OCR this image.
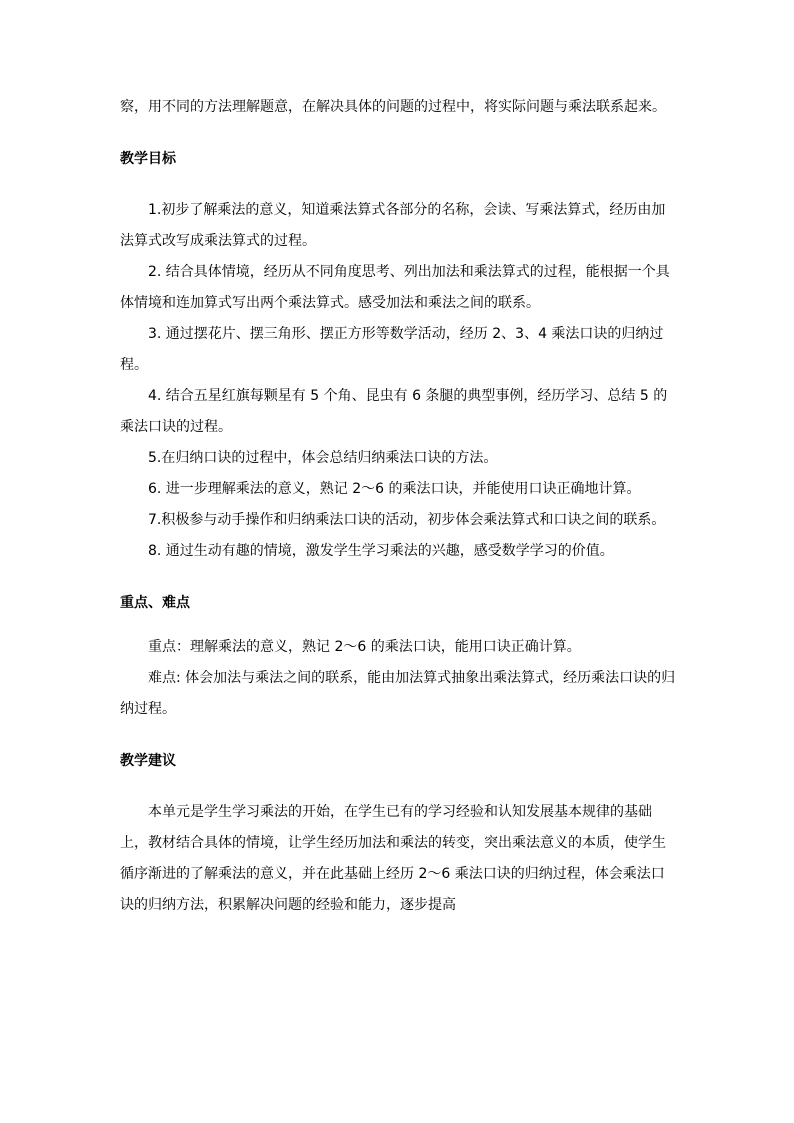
察，用不同的方法理解题意，在解决具体的问题的过程中，将实际问题与乘法联系起来。

教学目标

1.初步了解乘法的意义，知道乘法算式各部分的名称，会读、写乘法算式，经历由加法算式改写成乘法算式的过程。

2. 结合具体情境，经历从不同角度思考、列出加法和乘法算式的过程，能根据一个具体情境和连加算式写出两个乘法算式。感受加法和乘法之间的联系。

3. 通过摆花片、摆三角形、摆正方形等数学活动，经历 2、3、4 乘法口诀的归纳过程。

4. 结合五星红旗每颗星有 5 个角、昆虫有 6 条腿的典型事例，经历学习、总结 5 的乘法口诀的过程。

5.在归纳口诀的过程中，体会总结归纳乘法口诀的方法。

6. 进一步理解乘法的意义，熟记 2～6 的乘法口诀，并能使用口诀正确地计算。

7.积极参与动手操作和归纳乘法口诀的活动，初步体会乘法算式和口诀之间的联系。

8. 通过生动有趣的情境，激发学生学习乘法的兴趣，感受数学学习的价值。

重点、难点

重点：理解乘法的意义，熟记 2～6 的乘法口诀，能用口诀正确计算。

难点: 体会加法与乘法之间的联系，能由加法算式抽象出乘法算式，经历乘法口诀的归纳过程。

教学建议

本单元是学生学习乘法的开始，在学生已有的学习经验和认知发展基本规律的基础上，教材结合具体的情境，让学生经历加法和乘法的转变，突出乘法意义的本质，使学生循序渐进的了解乘法的意义，并在此基础上经历 2～6 乘法口诀的归纳过程，体会乘法口诀的归纳方法，积累解决问题的经验和能力，逐步提高
